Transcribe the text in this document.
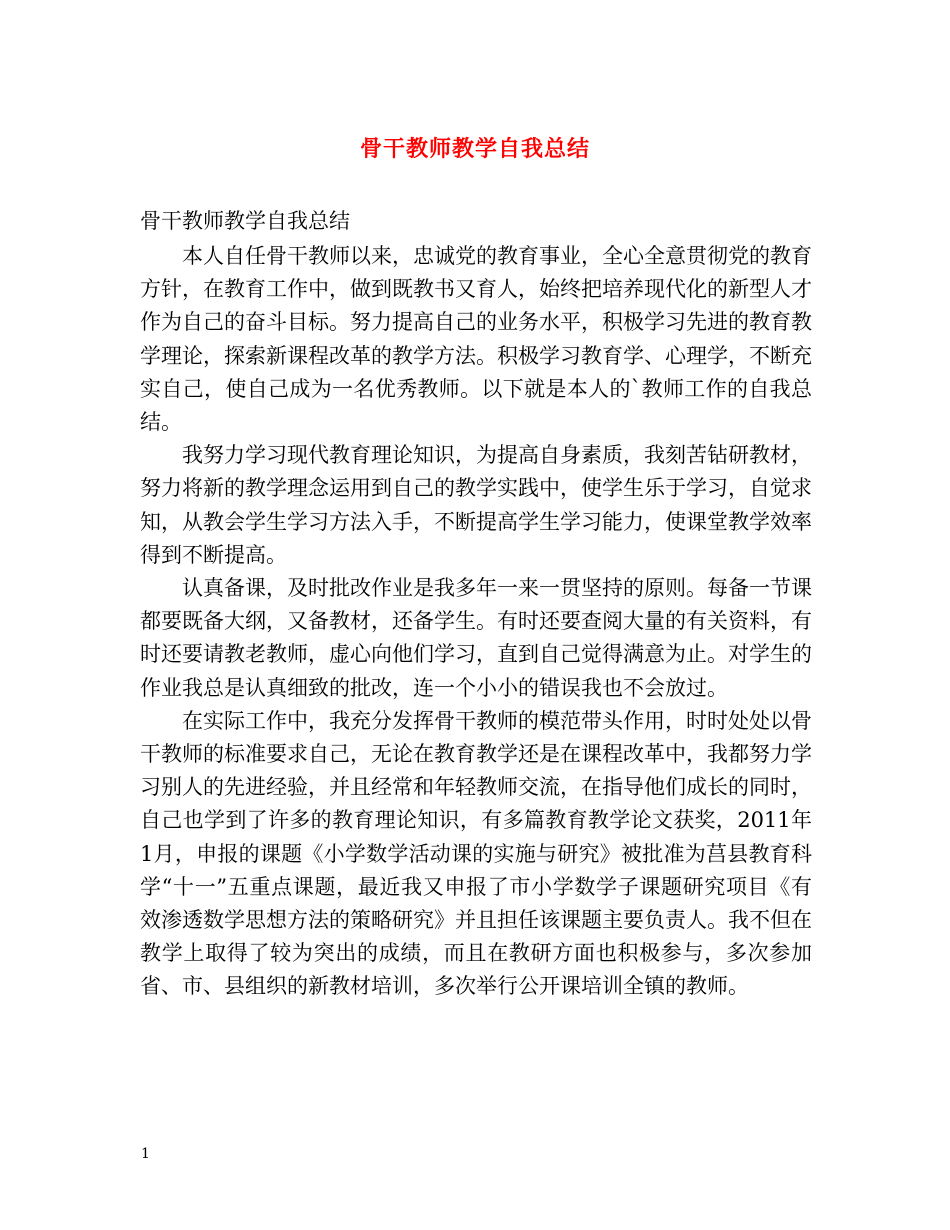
骨干教师教学自我总结
骨干教师教学自我总结

本人自任骨干教师以来，忠诚党的教育事业，全心全意贯彻党的教育方针，在教育工作中，做到既教书又育人，始终把培养现代化的新型人才作为自己的奋斗目标。努力提高自己的业务水平，积极学习先进的教育教学理论，探索新课程改革的教学方法。积极学习教育学、心理学，不断充实自己，使自己成为一名优秀教师。以下就是本人的`教师工作的自我总结。

我努力学习现代教育理论知识，为提高自身素质，我刻苦钻研教材，努力将新的教学理念运用到自己的教学实践中，使学生乐于学习，自觉求知，从教会学生学习方法入手，不断提高学生学习能力，使课堂教学效率得到不断提高。

认真备课，及时批改作业是我多年一来一贯坚持的原则。每备一节课都要既备大纲，又备教材，还备学生。有时还要查阅大量的有关资料，有时还要请教老教师，虚心向他们学习，直到自己觉得满意为止。对学生的作业我总是认真细致的批改，连一个小小的错误我也不会放过。

在实际工作中，我充分发挥骨干教师的模范带头作用，时时处处以骨干教师的标准要求自己，无论在教育教学还是在课程改革中，我都努力学习别人的先进经验，并且经常和年轻教师交流，在指导他们成长的同时，自己也学到了许多的教育理论知识，有多篇教育教学论文获奖，2011年1月，申报的课题《小学数学活动课的实施与研究》被批准为莒县教育科学“十一”五重点课题，最近我又申报了市小学数学子课题研究项目《有效渗透数学思想方法的策略研究》并且担任该课题主要负责人。我不但在教学上取得了较为突出的成绩，而且在教研方面也积极参与，多次参加省、市、县组织的新教材培训，多次举行公开课培训全镇的教师。

1
